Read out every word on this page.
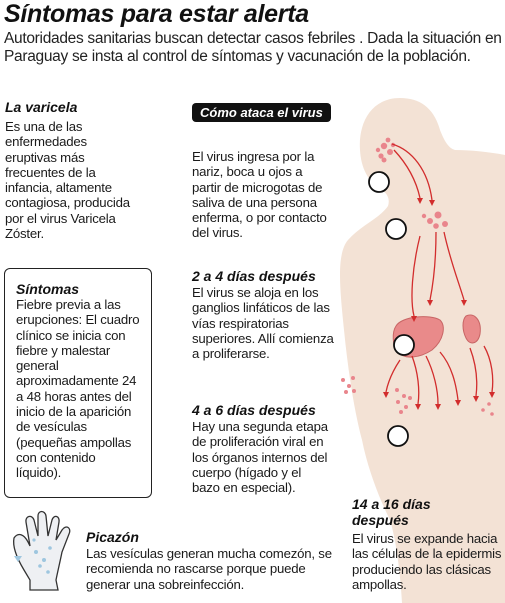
Síntomas para estar alerta
Autoridades sanitarias buscan detectar casos febriles . Dada la situación en Paraguay se insta al control de síntomas y vacunación de la población.
La varicela
Es una de las enfermedades eruptivas más frecuentes de la infancia, altamente contagiosa, producida por el virus Varicela Zóster.
Síntomas
Fiebre previa a las erupciones: El cuadro clínico se inicia con fiebre y malestar general aproximadamente 24 a 48 horas antes del inicio de la aparición de vesículas (pequeñas ampollas con contenido líquido).
Cómo ataca el virus
El virus ingresa por la nariz, boca u ojos a partir de microgotas de saliva de una persona enferma, o por contacto del virus.
2 a 4 días después
El virus se aloja en los ganglios linfáticos de las vías respiratorias superiores. Allí comienza a proliferarse.
4 a 6 días después
Hay una segunda etapa de proliferación viral en los órganos internos del cuerpo (hígado y el bazo en especial).
14 a 16 días después
El virus se expande hacia las células de la epidermis produciendo las clásicas ampollas.
Picazón
Las vesículas generan mucha comezón, se recomienda no rascarse porque puede generar una sobreinfección.
